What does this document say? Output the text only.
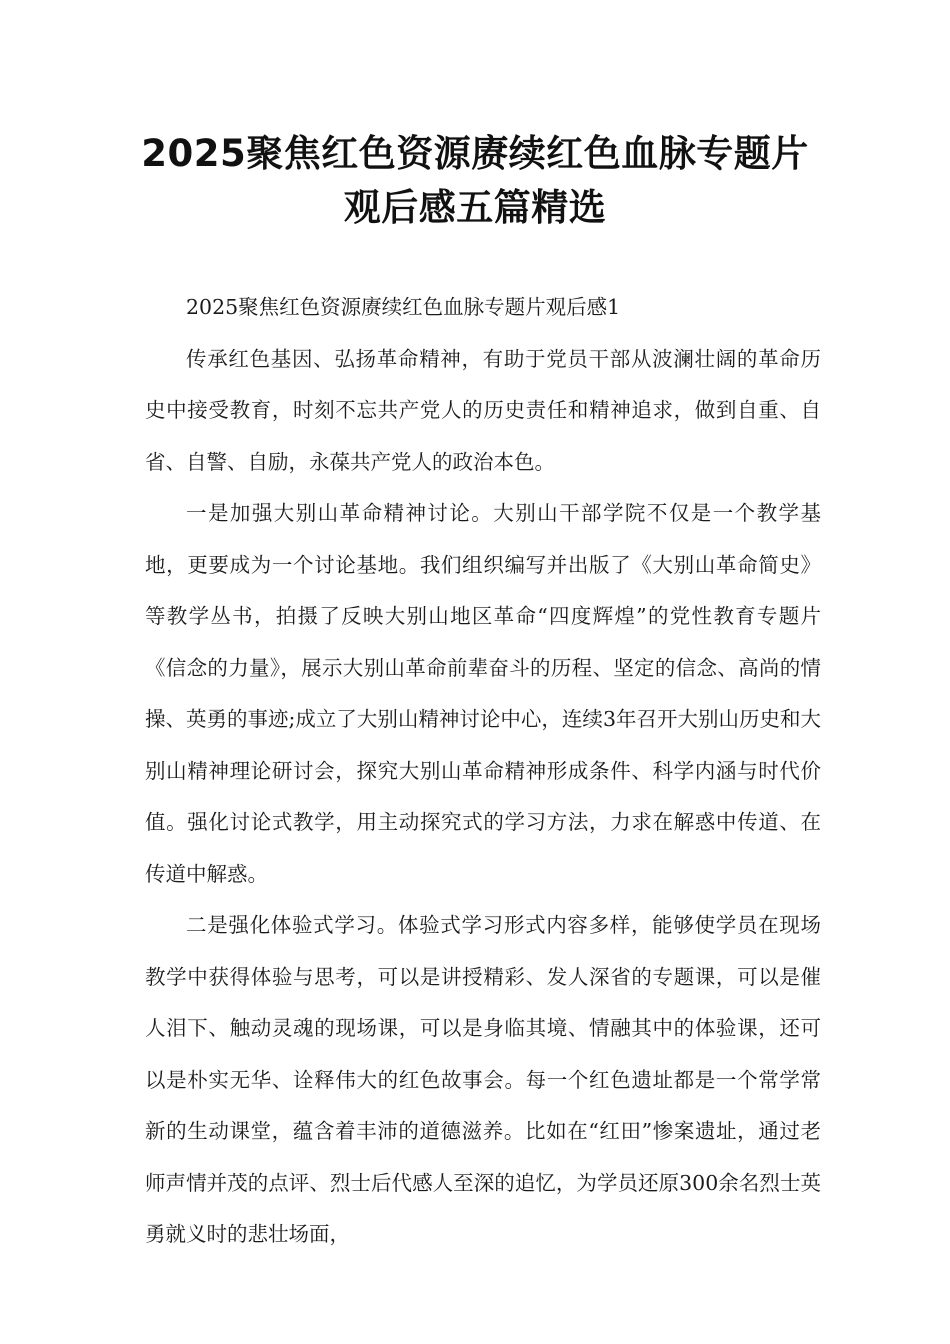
2025聚焦红色资源赓续红色血脉专题片
观后感五篇精选

2025聚焦红色资源赓续红色血脉专题片观后感1

传承红色基因、弘扬革命精神，有助于党员干部从波澜壮阔的革命历史中接受教育，时刻不忘共产党人的历史责任和精神追求，做到自重、自省、自警、自励，永葆共产党人的政治本色。

一是加强大别山革命精神讨论。大别山干部学院不仅是一个教学基地，更要成为一个讨论基地。我们组织编写并出版了《大别山革命简史》等教学丛书，拍摄了反映大别山地区革命“四度辉煌”的党性教育专题片《信念的力量》，展示大别山革命前辈奋斗的历程、坚定的信念、高尚的情操、英勇的事迹;成立了大别山精神讨论中心，连续3年召开大别山历史和大别山精神理论研讨会，探究大别山革命精神形成条件、科学内涵与时代价值。强化讨论式教学，用主动探究式的学习方法，力求在解惑中传道、在传道中解惑。

二是强化体验式学习。体验式学习形式内容多样，能够使学员在现场教学中获得体验与思考，可以是讲授精彩、发人深省的专题课，可以是催人泪下、触动灵魂的现场课，可以是身临其境、情融其中的体验课，还可以是朴实无华、诠释伟大的红色故事会。每一个红色遗址都是一个常学常新的生动课堂，蕴含着丰沛的道德滋养。比如在“红田”惨案遗址，通过老师声情并茂的点评、烈士后代感人至深的追忆，为学员还原300余名烈士英勇就义时的悲壮场面，
